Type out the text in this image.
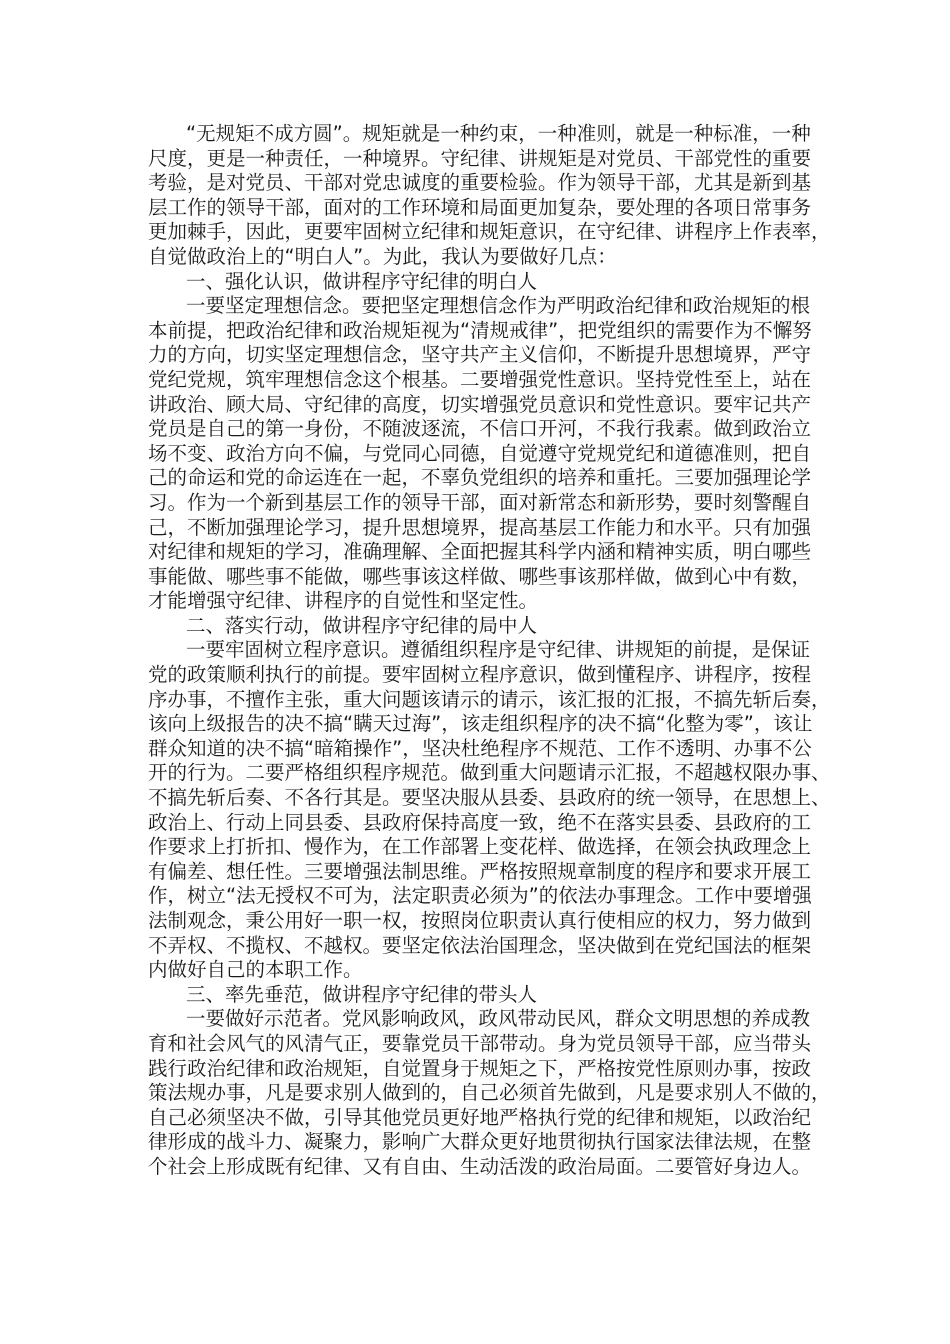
“无规矩不成方圆”。规矩就是一种约束，一种准则，就是一种标准，一种
尺度，更是一种责任，一种境界。守纪律、讲规矩是对党员、干部党性的重要
考验，是对党员、干部对党忠诚度的重要检验。作为领导干部，尤其是新到基
层工作的领导干部，面对的工作环境和局面更加复杂，要处理的各项日常事务
更加棘手，因此，更要牢固树立纪律和规矩意识，在守纪律、讲程序上作表率，
自觉做政治上的“明白人”。为此，我认为要做好几点：
一、强化认识，做讲程序守纪律的明白人
一要坚定理想信念。要把坚定理想信念作为严明政治纪律和政治规矩的根
本前提，把政治纪律和政治规矩视为“清规戒律”，把党组织的需要作为不懈努
力的方向，切实坚定理想信念，坚守共产主义信仰，不断提升思想境界，严守
党纪党规，筑牢理想信念这个根基。二要增强党性意识。坚持党性至上，站在
讲政治、顾大局、守纪律的高度，切实增强党员意识和党性意识。要牢记共产
党员是自己的第一身份，不随波逐流，不信口开河，不我行我素。做到政治立
场不变、政治方向不偏，与党同心同德，自觉遵守党规党纪和道德准则，把自
己的命运和党的命运连在一起，不辜负党组织的培养和重托。三要加强理论学
习。作为一个新到基层工作的领导干部，面对新常态和新形势，要时刻警醒自
己，不断加强理论学习，提升思想境界，提高基层工作能力和水平。只有加强
对纪律和规矩的学习，准确理解、全面把握其科学内涵和精神实质，明白哪些
事能做、哪些事不能做，哪些事该这样做、哪些事该那样做，做到心中有数，
才能增强守纪律、讲程序的自觉性和坚定性。
二、落实行动，做讲程序守纪律的局中人
一要牢固树立程序意识。遵循组织程序是守纪律、讲规矩的前提，是保证
党的政策顺利执行的前提。要牢固树立程序意识，做到懂程序、讲程序，按程
序办事，不擅作主张，重大问题该请示的请示，该汇报的汇报，不搞先斩后奏，
该向上级报告的决不搞“瞒天过海”，该走组织程序的决不搞“化整为零”，该让
群众知道的决不搞“暗箱操作”，坚决杜绝程序不规范、工作不透明、办事不公
开的行为。二要严格组织程序规范。做到重大问题请示汇报，不超越权限办事、
不搞先斩后奏、不各行其是。要坚决服从县委、县政府的统一领导，在思想上、
政治上、行动上同县委、县政府保持高度一致，绝不在落实县委、县政府的工
作要求上打折扣、慢作为，在工作部署上变花样、做选择，在领会执政理念上
有偏差、想任性。三要增强法制思维。严格按照规章制度的程序和要求开展工
作，树立“法无授权不可为，法定职责必须为”的依法办事理念。工作中要增强
法制观念，秉公用好一职一权，按照岗位职责认真行使相应的权力，努力做到
不弄权、不揽权、不越权。要坚定依法治国理念，坚决做到在党纪国法的框架
内做好自己的本职工作。
三、率先垂范，做讲程序守纪律的带头人
一要做好示范者。党风影响政风，政风带动民风，群众文明思想的养成教
育和社会风气的风清气正，要靠党员干部带动。身为党员领导干部，应当带头
践行政治纪律和政治规矩，自觉置身于规矩之下，严格按党性原则办事，按政
策法规办事，凡是要求别人做到的，自己必须首先做到，凡是要求别人不做的，
自己必须坚决不做，引导其他党员更好地严格执行党的纪律和规矩，以政治纪
律形成的战斗力、凝聚力，影响广大群众更好地贯彻执行国家法律法规，在整
个社会上形成既有纪律、又有自由、生动活泼的政治局面。二要管好身边人。
